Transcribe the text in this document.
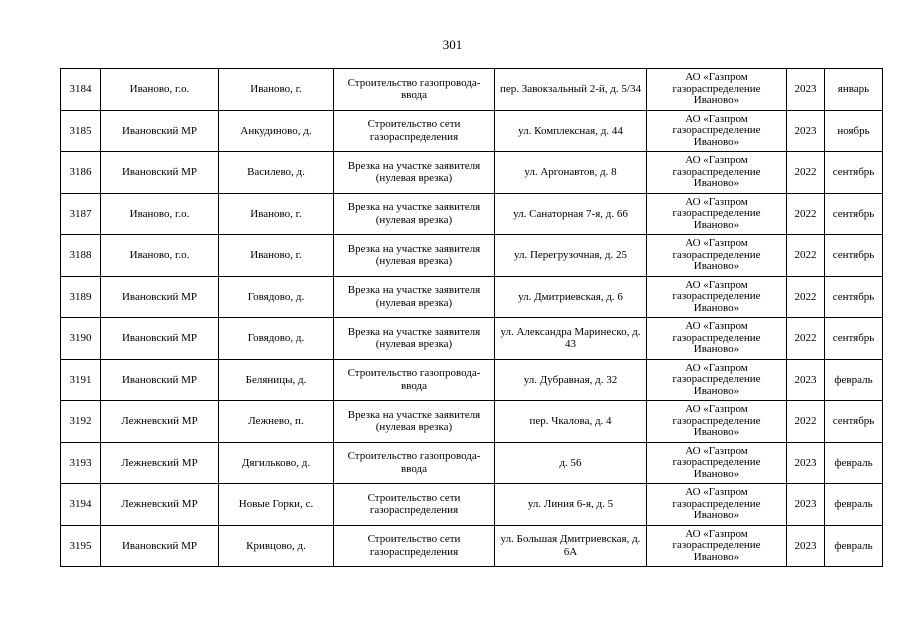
301
3184	Иваново, г.о.	Иваново, г.	Строительство газопровода-ввода	пер. Завокзальный 2-й, д. 5/34	АО «Газпром газораспределение Иваново»	2023	январь
3185	Ивановский МР	Анкудиново, д.	Строительство сети газораспределения	ул. Комплексная, д. 44	АО «Газпром газораспределение Иваново»	2023	ноябрь
3186	Ивановский МР	Василево, д.	Врезка на участке заявителя (нулевая врезка)	ул. Аргонавтов, д. 8	АО «Газпром газораспределение Иваново»	2022	сентябрь
3187	Иваново, г.о.	Иваново, г.	Врезка на участке заявителя (нулевая врезка)	ул. Санаторная 7-я, д. 66	АО «Газпром газораспределение Иваново»	2022	сентябрь
3188	Иваново, г.о.	Иваново, г.	Врезка на участке заявителя (нулевая врезка)	ул. Перегрузочная, д. 25	АО «Газпром газораспределение Иваново»	2022	сентябрь
3189	Ивановский МР	Говядово, д.	Врезка на участке заявителя (нулевая врезка)	ул. Дмитриевская, д. 6	АО «Газпром газораспределение Иваново»	2022	сентябрь
3190	Ивановский МР	Говядово, д.	Врезка на участке заявителя (нулевая врезка)	ул. Александра Маринеско, д. 43	АО «Газпром газораспределение Иваново»	2022	сентябрь
3191	Ивановский МР	Беляницы, д.	Строительство газопровода-ввода	ул. Дубравная, д. 32	АО «Газпром газораспределение Иваново»	2023	февраль
3192	Лежневский МР	Лежнево, п.	Врезка на участке заявителя (нулевая врезка)	пер. Чкалова, д. 4	АО «Газпром газораспределение Иваново»	2022	сентябрь
3193	Лежневский МР	Дягильково, д.	Строительство газопровода-ввода	д. 56	АО «Газпром газораспределение Иваново»	2023	февраль
3194	Лежневский МР	Новые Горки, с.	Строительство сети газораспределения	ул. Линия 6-я, д. 5	АО «Газпром газораспределение Иваново»	2023	февраль
3195	Ивановский МР	Кривцово, д.	Строительство сети газораспределения	ул. Большая Дмитриевская, д. 6А	АО «Газпром газораспределение Иваново»	2023	февраль
